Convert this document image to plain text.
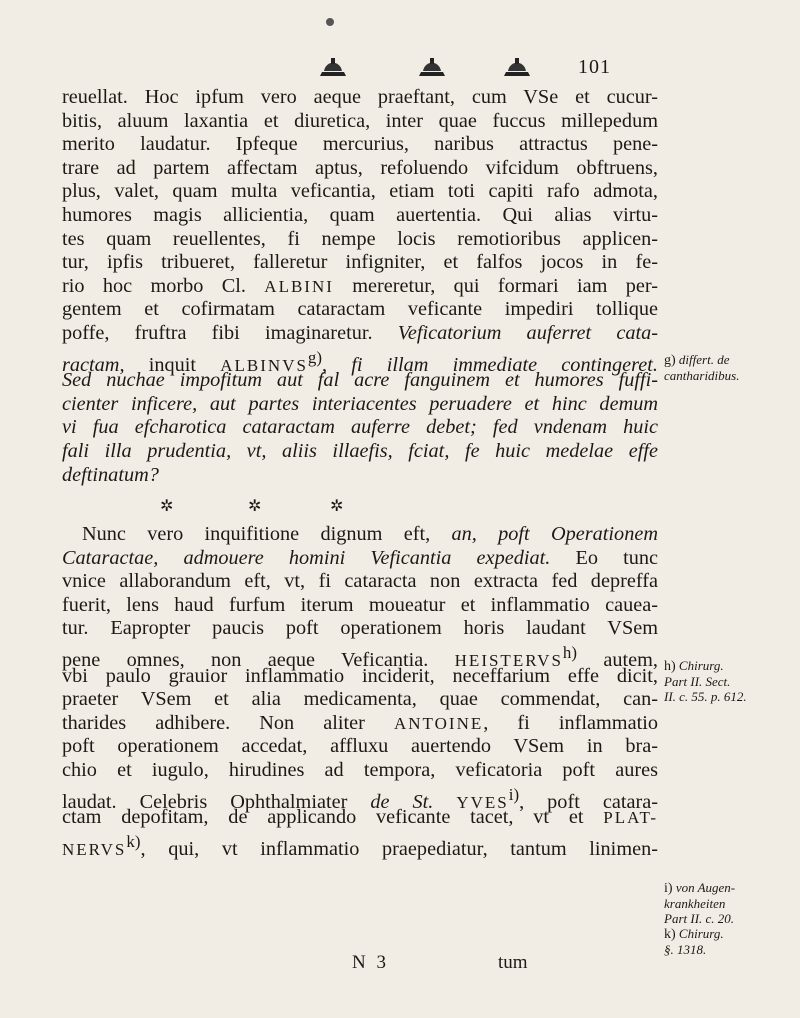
101
reuellat. Hoc ipfum vero aeque praeftant, cum VSe et cucur-
bitis, aluum laxantia et diuretica, inter quae fuccus millepedum
merito laudatur. Ipfeque mercurius, naribus attractus pene-
trare ad partem affectam aptus, refoluendo vifcidum obftruens,
plus, valet, quam multa veficantia, etiam toti capiti rafo admota,
humores magis allicientia, quam auertentia. Qui alias virtu-
tes quam reuellentes, fi nempe locis remotioribus applicen-
tur, ipfis tribueret, falleretur infigniter, et falfos jocos in fe-
rio hoc morbo Cl. ALBINI mereretur, qui formari iam per-
gentem et cofirmatam cataractam veficante impediri tollique
poffe, fruftra fibi imaginaretur. Veficatorium auferret cata-
ractam, inquit ALBINVS$^{g)}$, fi illam immediate contingeret.
Sed nuchae impofitum aut fal acre fanguinem et humores fuffi-
cienter inficere, aut partes interiacentes peruadere et hinc demum
vi fua efcharotica cataractam auferre debet; fed vndenam huic
fali illa prudentia, vt, aliis illaefis, fciat, fe huic medelae effe
deftinatum?
✲	✲	✲
Nunc vero inquifitione dignum eft, an, poft Operationem
Cataractae, admouere homini Veficantia expediat. Eo tunc
vnice allaborandum eft, vt, fi cataracta non extracta fed depreffa
fuerit, lens haud furfum iterum moueatur et inflammatio cauea-
tur. Eapropter paucis poft operationem horis laudant VSem
pene omnes, non aeque Veficantia. HEISTERVS$^{h)}$ autem,
vbi paulo grauior inflammatio inciderit, neceffarium effe dicit,
praeter VSem et alia medicamenta, quae commendat, can-
tharides adhibere. Non aliter ANTOINE, fi inflammatio
poft operationem accedat, affluxu auertendo VSem in bra-
chio et iugulo, hirudines ad tempora, veficatoria poft aures
laudat. Celebris Ophthalmiater de St. YVES$^{i)}$, poft catara-
ctam depofitam, de applicando veficante tacet, vt et PLAT-
NERVS$^{k)}$, qui, vt inflammatio praepediatur, tantum linimen-
g) differt. de
cantharidibus.
h) Chirurg.
Part II. Sect.
II. c. 55. p. 612.
i) von Augen-
krankheiten
Part II. c. 20.
k) Chirurg.
§. 1318.
N 3	tum
